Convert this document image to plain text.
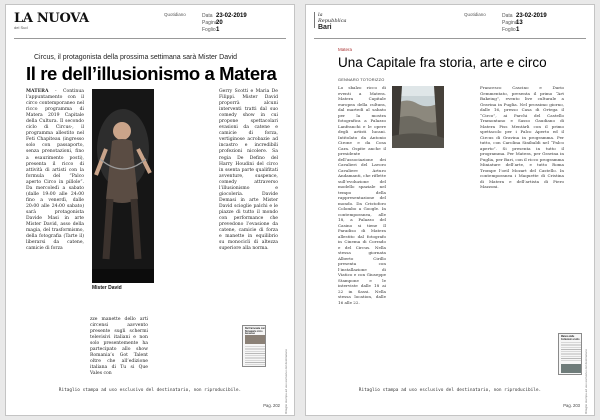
LA NUOVA
del Sud
Quotidiano	Data 23-02-2019
Pagina
20
Foglio 1
Circus, il protagonista della prossima settimana sarà Mister David
Il re dell’illusionismo a Matera
MATERA - Continua l’appuntamento con il circo contemporaneo nel ricco programma di Matera 2019 Capitale della Cultura. Il secondo ciclo di Circus-, il programma allestito nel Feti Chapiteau (ingresso solo con passaporto, senza prenotazioni, fino a esaurimento posti), presenta il ricco di attività di artisti con la formula del “Palco aperto Circo in pillole”. Da mercoledì a sabato (dalle 19:00 alle 24:00 fino a venerdì, dalle 20:00 alle 24:00 sabato) sarà protagonista Davide Masi in arte Mister David, asso della magia, del trasformismo, della fotografia (Tarte il) liberarsi da catene, camicie di forza
zze manette dello arti circensi aavvento presente sugli schermi televisivi italiani e non solo presentemente ha partecipato allo show Romania’s Got Talent oltre che all’edizione italiana di Tu si Que Vales con
Gerry Scotti e Maria De Filippi. Mister David proporrà alcuni interventi tratti dal suo comedy show in cui propone spettacolari evasioni da catene e camicie di forza, vertiginose acrobazie ad incastro e incredibili profezioni nicolere. Sa regia De Defino del Harry Houdini del circo in ssenta parte qualifitati avventure, suspence, comedy attraverso l’illusionismo e giocoleria. Davide Demasi in arte Mister David scioglie palchi e le piazze di tutto il mondo con performance che prevedono l’evasione da catene, camicie di forza e manette in equilibrio su monocicli di altezza superiore alla norma.
Mister David
Dal Carnevale con Bonaparte circo
Ritaglio stampa ad uso esclusivo del destinatario
Ritaglio stampa ad uso esclusivo del destinatario, non riproducibile.
Pag. 202
la Repubblica
Bari
Quotidiano	Data 23-02-2019
Pagina
13
Foglio 1
Matera
Una Capitale fra storia, arte e circo
GENNARO TOTORIZZO
Lo sbalzo ricco di eventi a Matera. Matera Capitale europea della cultura, dal martedì al sabato per la mostra fotografica a Palazzo Lanfranchi e le opere degli artisti lucani. Intitolato da Antonio Cirone e da Cosa Cara. Ospite anche il presidente dell’associazione dei Cavalieri del Lavoro Cavaliere Arturo Andamanti, che riflette sull’evoluzione del modello spaziale nel tempo della rappresentazione del mondo. Da Cristoforo Colombo a Google. In contemporanea, alle 18, a Palazzo del Casino si tiene Il Paradiso di Matera allestito dal fotografo in Cinema di Corrado e del Circus. Nella stessa giornata Alberto Cirillo presenta con l’installazione di Viatico e con Giuseppe Stampone e le interviste dalle 18 ai 22 in Sassi. Nella stessa location, dalle 16 alle 22.
Francesco Cascino e Dario Gemmentato, presenta il primo “Art Bakeing”, evento live culturale a Gravina in Puglia. Nel prossimo giorno, dalle 16, presso Casa di Ortega il “Circo”, ai Parchi del Castello Tramontano e Sasso Gaudiano di Matera Piss Mentàrli con il primo spettacolo per i Palco Aperto ed il Circus di Gravina in programma. Per tutto, con Carolina Sinibaldi nel “Palco aperto”. Si presenta in tutto il programma. Per Matera, per Gravina in Puglia, per Bari, con il ricco programma Miniature dell’arte, e tutto Roma Trompe l’oeil Mozart del Castello. In contemporanea i Maquette di Cristina di Matera e dell’artista di Piero Mazzoni.
Matera dalle Collezioni a tutto
Ritaglio stampa ad uso esclusivo del destinatario
Ritaglio stampa ad uso esclusivo del destinatario, non riproducibile.
Pag. 203
